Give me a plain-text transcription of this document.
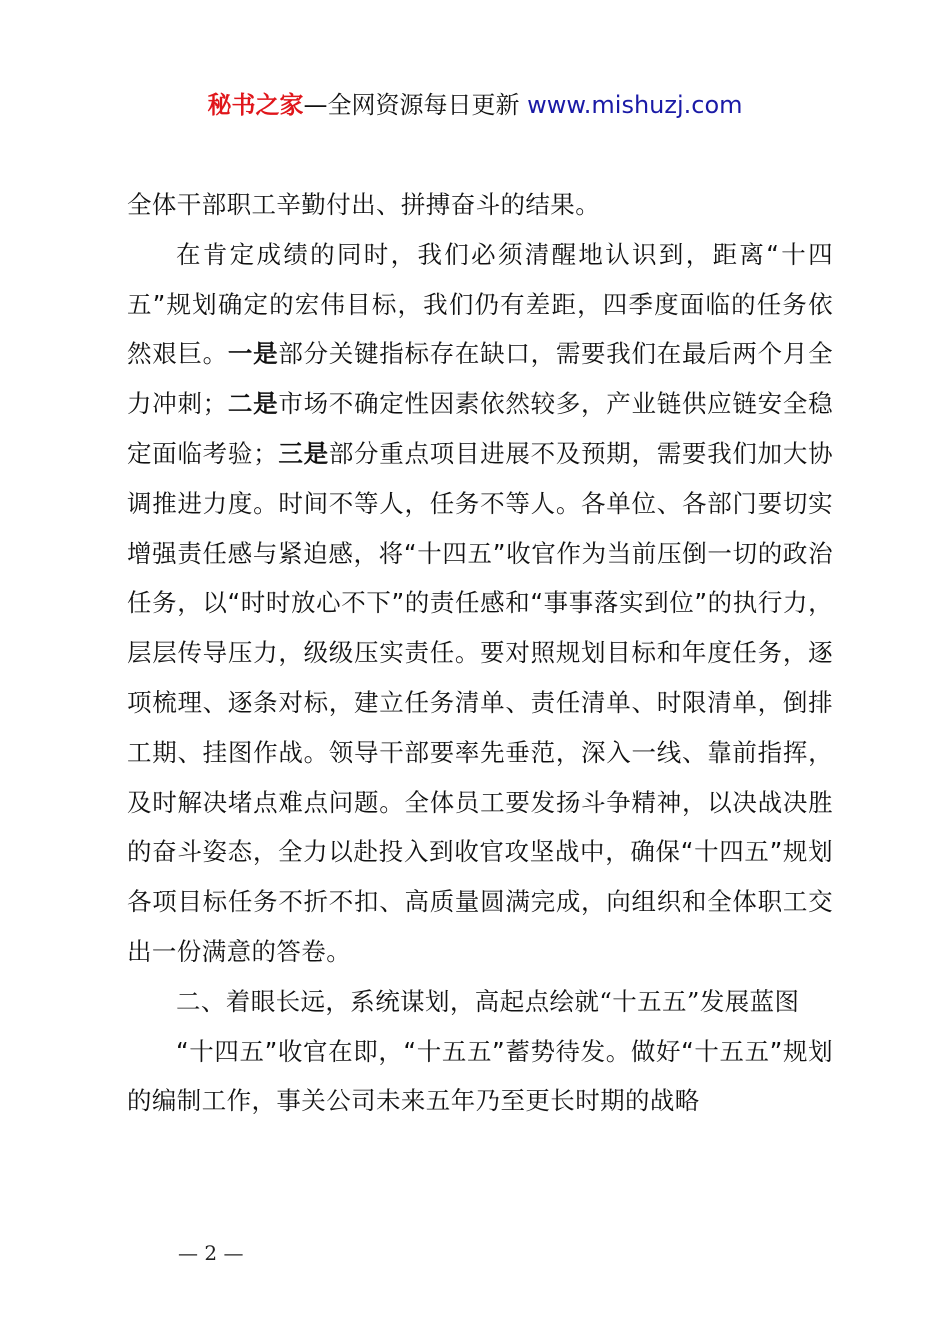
秘书之家—全网资源每日更新 www.mishuzj.com

全体干部职工辛勤付出、拼搏奋斗的结果。

在肯定成绩的同时，我们必须清醒地认识到，距离“十四五”规划确定的宏伟目标，我们仍有差距，四季度面临的任务依然艰巨。一是部分关键指标存在缺口，需要我们在最后两个月全力冲刺；二是市场不确定性因素依然较多，产业链供应链安全稳定面临考验；三是部分重点项目进展不及预期，需要我们加大协调推进力度。时间不等人，任务不等人。各单位、各部门要切实增强责任感与紧迫感，将“十四五”收官作为当前压倒一切的政治任务，以“时时放心不下”的责任感和“事事落实到位”的执行力，层层传导压力，级级压实责任。要对照规划目标和年度任务，逐项梳理、逐条对标，建立任务清单、责任清单、时限清单，倒排工期、挂图作战。领导干部要率先垂范，深入一线、靠前指挥，及时解决堵点难点问题。全体员工要发扬斗争精神，以决战决胜的奋斗姿态，全力以赴投入到收官攻坚战中，确保“十四五”规划各项目标任务不折不扣、高质量圆满完成，向组织和全体职工交出一份满意的答卷。

二、着眼长远，系统谋划，高起点绘就“十五五”发展蓝图

“十四五”收官在即，“十五五”蓄势待发。做好“十五五”规划的编制工作，事关公司未来五年乃至更长时期的战略

— 2 —
